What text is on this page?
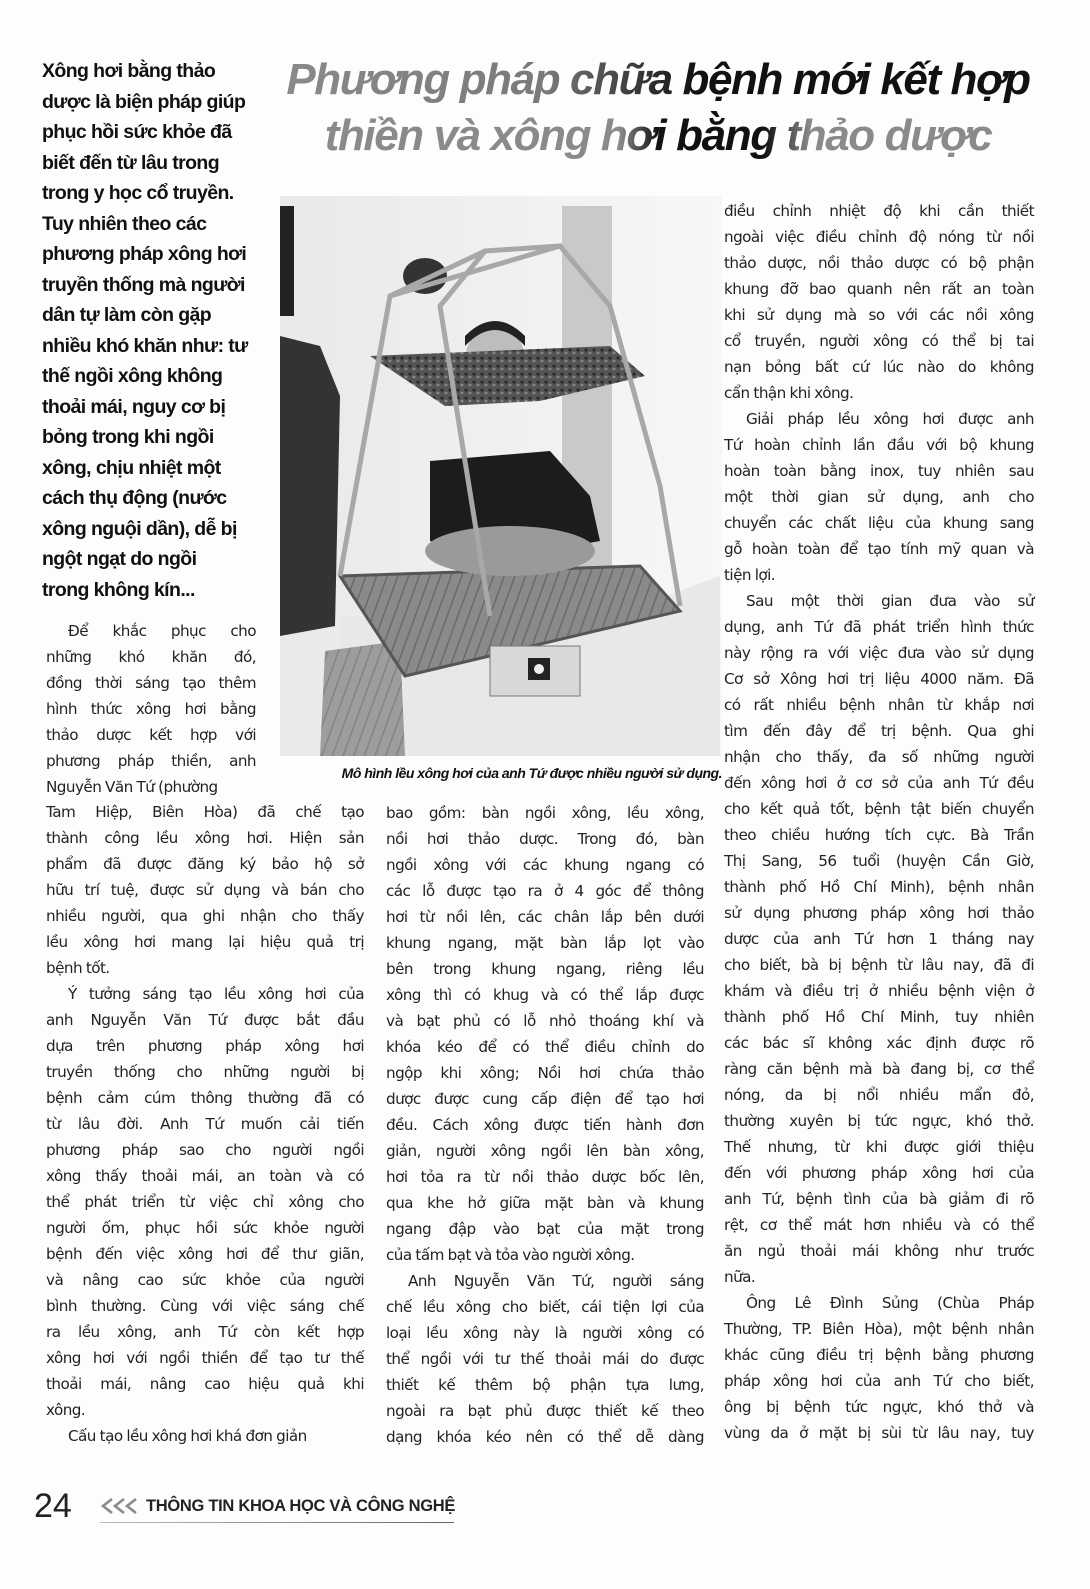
Xông hơi bằng thảo
dược là biện pháp giúp
phục hồi sức khỏe đã
biết đến từ lâu trong
trong y học cổ truyền.
Tuy nhiên theo các
phương pháp xông hơi
truyền thống mà người
dân tự làm còn gặp
nhiều khó khăn như: tư
thế ngồi xông không
thoải mái, nguy cơ bị
bỏng trong khi ngồi
xông, chịu nhiệt một
cách thụ động (nước
xông nguội dần), dễ bị
ngột ngạt do ngồi
trong không kín...
Phương pháp chữa bệnh mới kết hợp
thiền và xông hơi bằng thảo dược
Mô hình lều xông hơi của anh Tứ được nhiều người sử dụng.
Để khắc phục cho
những khó khăn đó,
đồng thời sáng tạo thêm
hình thức xông hơi bằng
thảo dược kết hợp với
phương pháp thiền, anh
Nguyễn Văn Tứ (phường
Tam Hiệp, Biên Hòa) đã chế tạo
thành công lều xông hơi. Hiện sản
phẩm đã được đăng ký bảo hộ sở
hữu trí tuệ, được sử dụng và bán cho
nhiều người, qua ghi nhận cho thấy
lều xông hơi mang lại hiệu quả trị
bệnh tốt.
Ý tưởng sáng tạo lều xông hơi của
anh Nguyễn Văn Tứ được bắt đầu
dựa trên phương pháp xông hơi
truyền thống cho những người bị
bệnh cảm cúm thông thường đã có
từ lâu đời. Anh Tứ muốn cải tiến
phương pháp sao cho người ngồi
xông thấy thoải mái, an toàn và có
thể phát triển từ việc chỉ xông cho
người ốm, phục hồi sức khỏe người
bệnh đến việc xông hơi để thư giãn,
và nâng cao sức khỏe của người
bình thường. Cùng với việc sáng chế
ra lều xông, anh Tứ còn kết hợp
xông hơi với ngồi thiền để tạo tư thế
thoải mái, nâng cao hiệu quả khi
xông.
Cấu tạo lều xông hơi khá đơn giản
bao gồm: bàn ngồi xông, lều xông,
nồi hơi thảo dược. Trong đó, bàn
ngồi xông với các khung ngang có
các lỗ được tạo ra ở 4 góc để thông
hơi từ nồi lên, các chân lắp bên dưới
khung ngang, mặt bàn lắp lọt vào
bên trong khung ngang, riêng lều
xông thì có khug và có thể lắp được
và bạt phủ có lỗ nhỏ thoáng khí và
khóa kéo để có thể điều chỉnh do
ngộp khi xông; Nồi hơi chứa thảo
dược được cung cấp điện để tạo hơi
đều. Cách xông được tiến hành đơn
giản, người xông ngồi lên bàn xông,
hơi tỏa ra từ nồi thảo dược bốc lên,
qua khe hở giữa mặt bàn và khung
ngang đập vào bạt của mặt trong
của tấm bạt và tỏa vào người xông.
Anh Nguyễn Văn Tứ, người sáng
chế lều xông cho biết, cái tiện lợi của
loại lều xông này là người xông có
thể ngồi với tư thế thoải mái do được
thiết kế thêm bộ phận tựa lưng,
ngoài ra bạt phủ được thiết kế theo
dạng khóa kéo nên có thể dễ dàng
điều chỉnh nhiệt độ khi cần thiết
ngoài việc điều chỉnh độ nóng từ nồi
thảo dược, nồi thảo dược có bộ phận
khung đỡ bao quanh nên rất an toàn
khi sử dụng mà so với các nồi xông
cổ truyền, người xông có thể bị tai
nạn bỏng bất cứ lúc nào do không
cẩn thận khi xông.
Giải pháp lều xông hơi được anh
Tứ hoàn chỉnh lần đầu với bộ khung
hoàn toàn bằng inox, tuy nhiên sau
một thời gian sử dụng, anh cho
chuyển các chất liệu của khung sang
gỗ hoàn toàn để tạo tính mỹ quan và
tiện lợi.
Sau một thời gian đưa vào sử
dụng, anh Tứ đã phát triển hình thức
này rộng ra với việc đưa vào sử dụng
Cơ sở Xông hơi trị liệu 4000 năm. Đã
có rất nhiều bệnh nhân từ khắp nơi
tìm đến đây để trị bệnh. Qua ghi
nhận cho thấy, đa số những người
đến xông hơi ở cơ sở của anh Tứ đều
cho kết quả tốt, bệnh tật biến chuyển
theo chiều hướng tích cực. Bà Trần
Thị Sang, 56 tuổi (huyện Cần Giờ,
thành phố Hồ Chí Minh), bệnh nhân
sử dụng phương pháp xông hơi thảo
dược của anh Tứ hơn 1 tháng nay
cho biết, bà bị bệnh từ lâu nay, đã đi
khám và điều trị ở nhiều bệnh viện ở
thành phố Hồ Chí Minh, tuy nhiên
các bác sĩ không xác định được rõ
ràng căn bệnh mà bà đang bị, cơ thể
nóng, da bị nổi nhiều mẩn đỏ,
thường xuyên bị tức ngực, khó thở.
Thế nhưng, từ khi được giới thiệu
đến với phương pháp xông hơi của
anh Tứ, bệnh tình của bà giảm đi rõ
rệt, cơ thể mát hơn nhiều và có thể
ăn ngủ thoải mái không như trước
nữa.
Ông Lê Đình Sủng (Chùa Pháp
Thường, TP. Biên Hòa), một bệnh nhân
khác cũng điều trị bệnh bằng phương
pháp xông hơi của anh Tứ cho biết,
ông bị bệnh tức ngực, khó thở và
vùng da ở mặt bị sùi từ lâu nay, tuy
24	THÔNG TIN KHOA HỌC VÀ CÔNG NGHỆ
